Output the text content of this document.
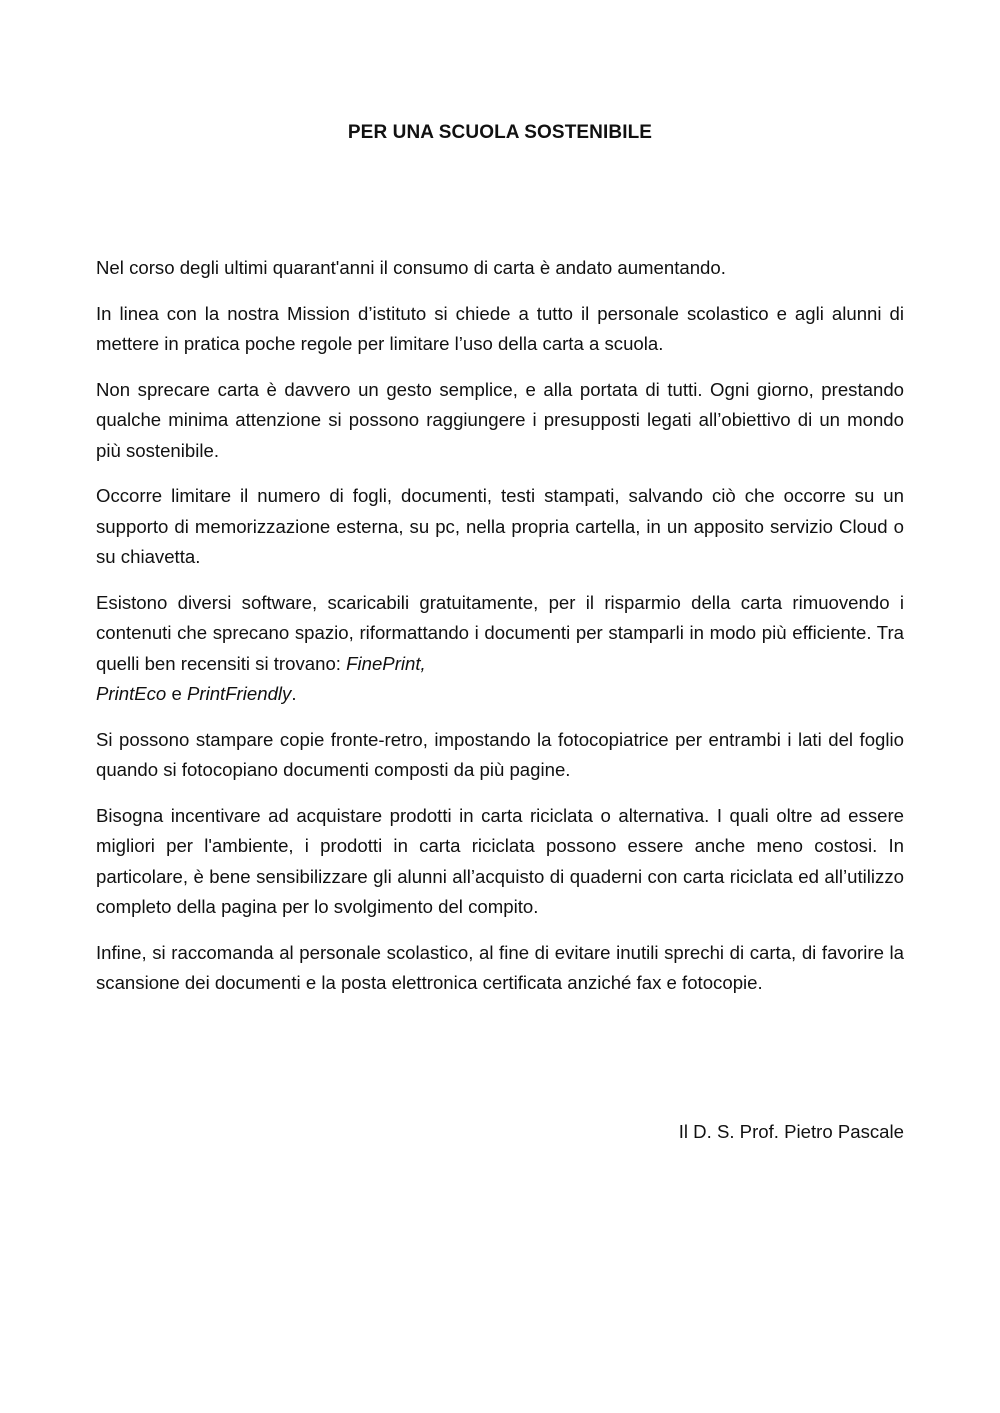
PER UNA SCUOLA SOSTENIBILE

Nel corso degli ultimi quarant'anni il consumo di carta è andato aumentando.

In linea con la nostra Mission d’istituto si chiede a tutto il personale scolastico e agli alunni di mettere in pratica poche regole per limitare l’uso della carta a scuola.

Non sprecare carta è davvero un gesto semplice, e alla portata di tutti. Ogni giorno, prestando qualche minima attenzione si possono raggiungere i presupposti legati all’obiettivo di un mondo più sostenibile.

Occorre limitare il numero di fogli, documenti, testi stampati, salvando ciò che occorre su un supporto di memorizzazione esterna, su pc, nella propria cartella, in un apposito servizio Cloud o su chiavetta.

Esistono diversi software, scaricabili gratuitamente, per il risparmio della carta rimuovendo i contenuti che sprecano spazio, riformattando i documenti per stamparli in modo più efficiente. Tra quelli ben recensiti si trovano: FinePrint,
PrintEco e PrintFriendly.

Si possono stampare copie fronte-retro, impostando la fotocopiatrice per entrambi i lati del foglio quando si fotocopiano documenti composti da più pagine.

Bisogna incentivare ad acquistare prodotti in carta riciclata o alternativa. I quali oltre ad essere migliori per l'ambiente, i prodotti in carta riciclata possono essere anche meno costosi. In particolare, è bene sensibilizzare gli alunni all’acquisto di quaderni con carta riciclata ed all’utilizzo completo della pagina per lo svolgimento del compito.

Infine, si raccomanda al personale scolastico, al fine di evitare inutili sprechi di carta, di favorire la scansione dei documenti e la posta elettronica certificata anziché fax e fotocopie.

Il D. S. Prof. Pietro Pascale
